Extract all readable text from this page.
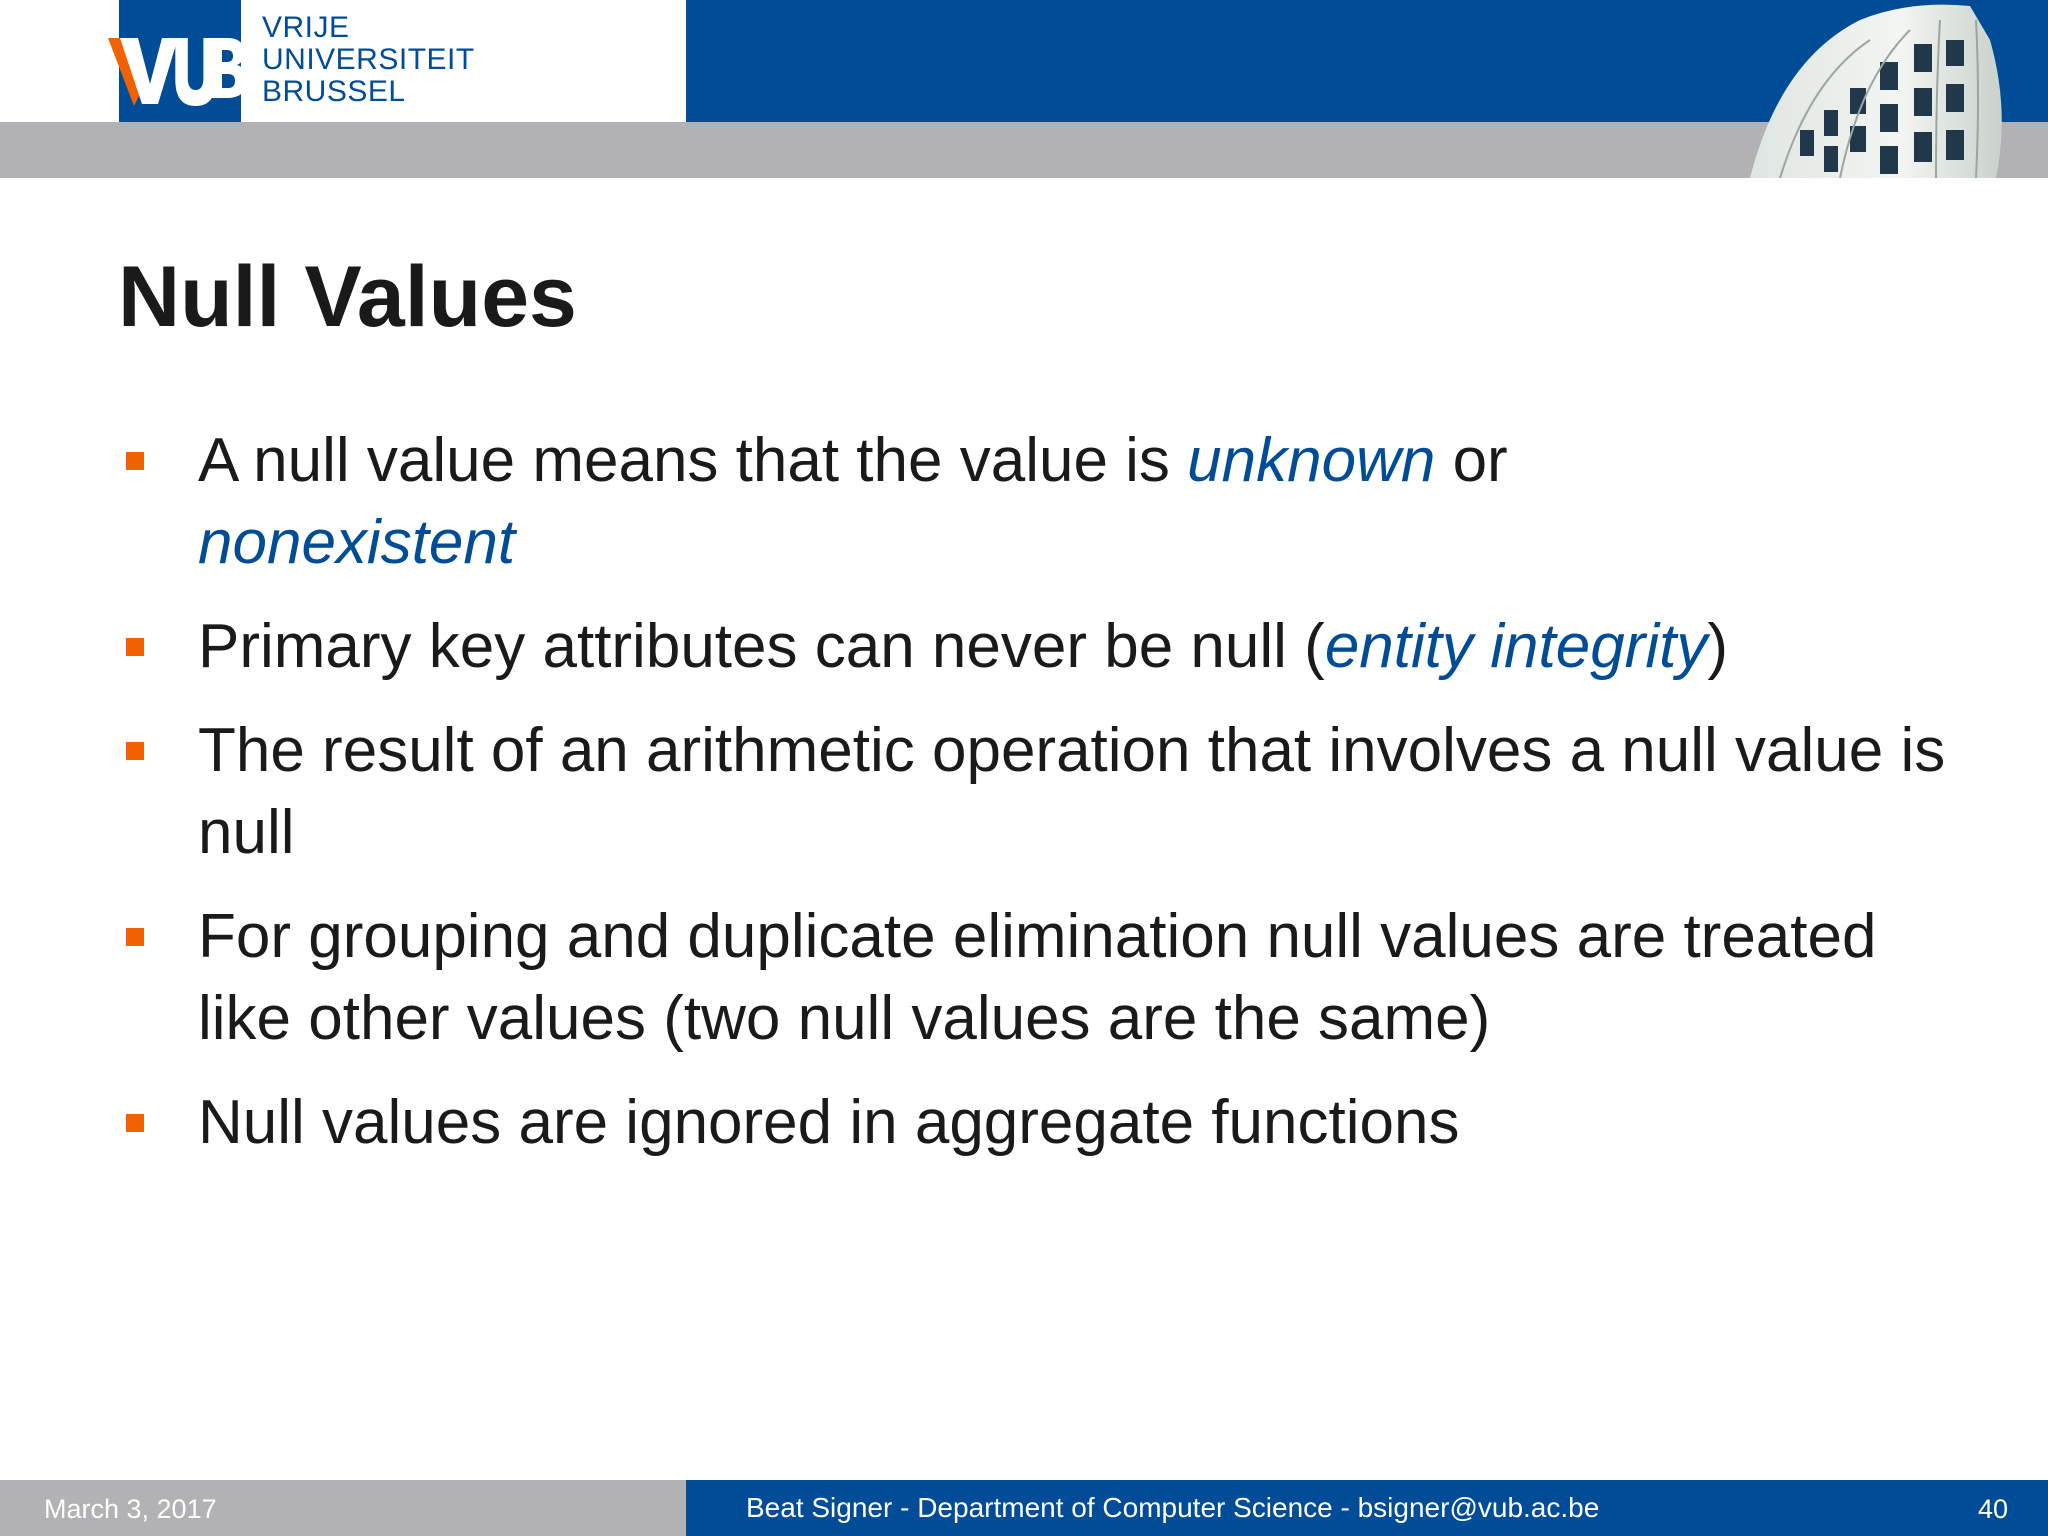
VRIJE
UNIVERSITEIT
BRUSSEL
Null Values
A null value means that the value is unknown or
nonexistent
Primary key attributes can never be null (entity integrity)
The result of an arithmetic operation that involves a null value is null
For grouping and duplicate elimination null values are treated like other values (two null values are the same)
Null values are ignored in aggregate functions
March 3, 2017	Beat Signer - Department of Computer Science - bsigner@vub.ac.be	40
